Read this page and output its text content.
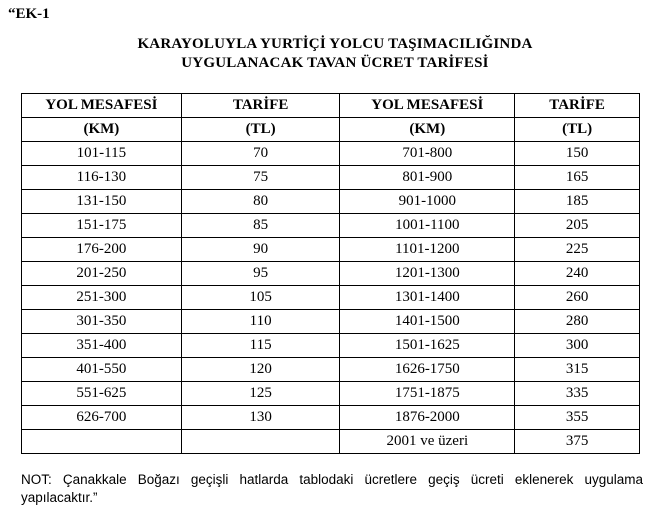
“EK-1
KARAYOLUYLA YURTİÇİ YOLCU TAŞIMACILIĞINDA
UYGULANACAK TAVAN ÜCRET TARİFESİ
YOL MESAFESİ	TARİFE	YOL MESAFESİ	TARİFE
(KM)	(TL)	(KM)	(TL)
101-115	70	701-800	150
116-130	75	801-900	165
131-150	80	901-1000	185
151-175	85	1001-1100	205
176-200	90	1101-1200	225
201-250	95	1201-1300	240
251-300	105	1301-1400	260
301-350	110	1401-1500	280
351-400	115	1501-1625	300
401-550	120	1626-1750	315
551-625	125	1751-1875	335
626-700	130	1876-2000	355
		2001 ve üzeri	375
NOT: Çanakkale Boğazı geçişli hatlarda tablodaki ücretlere geçiş ücreti eklenerek uygulama yapılacaktır.”
